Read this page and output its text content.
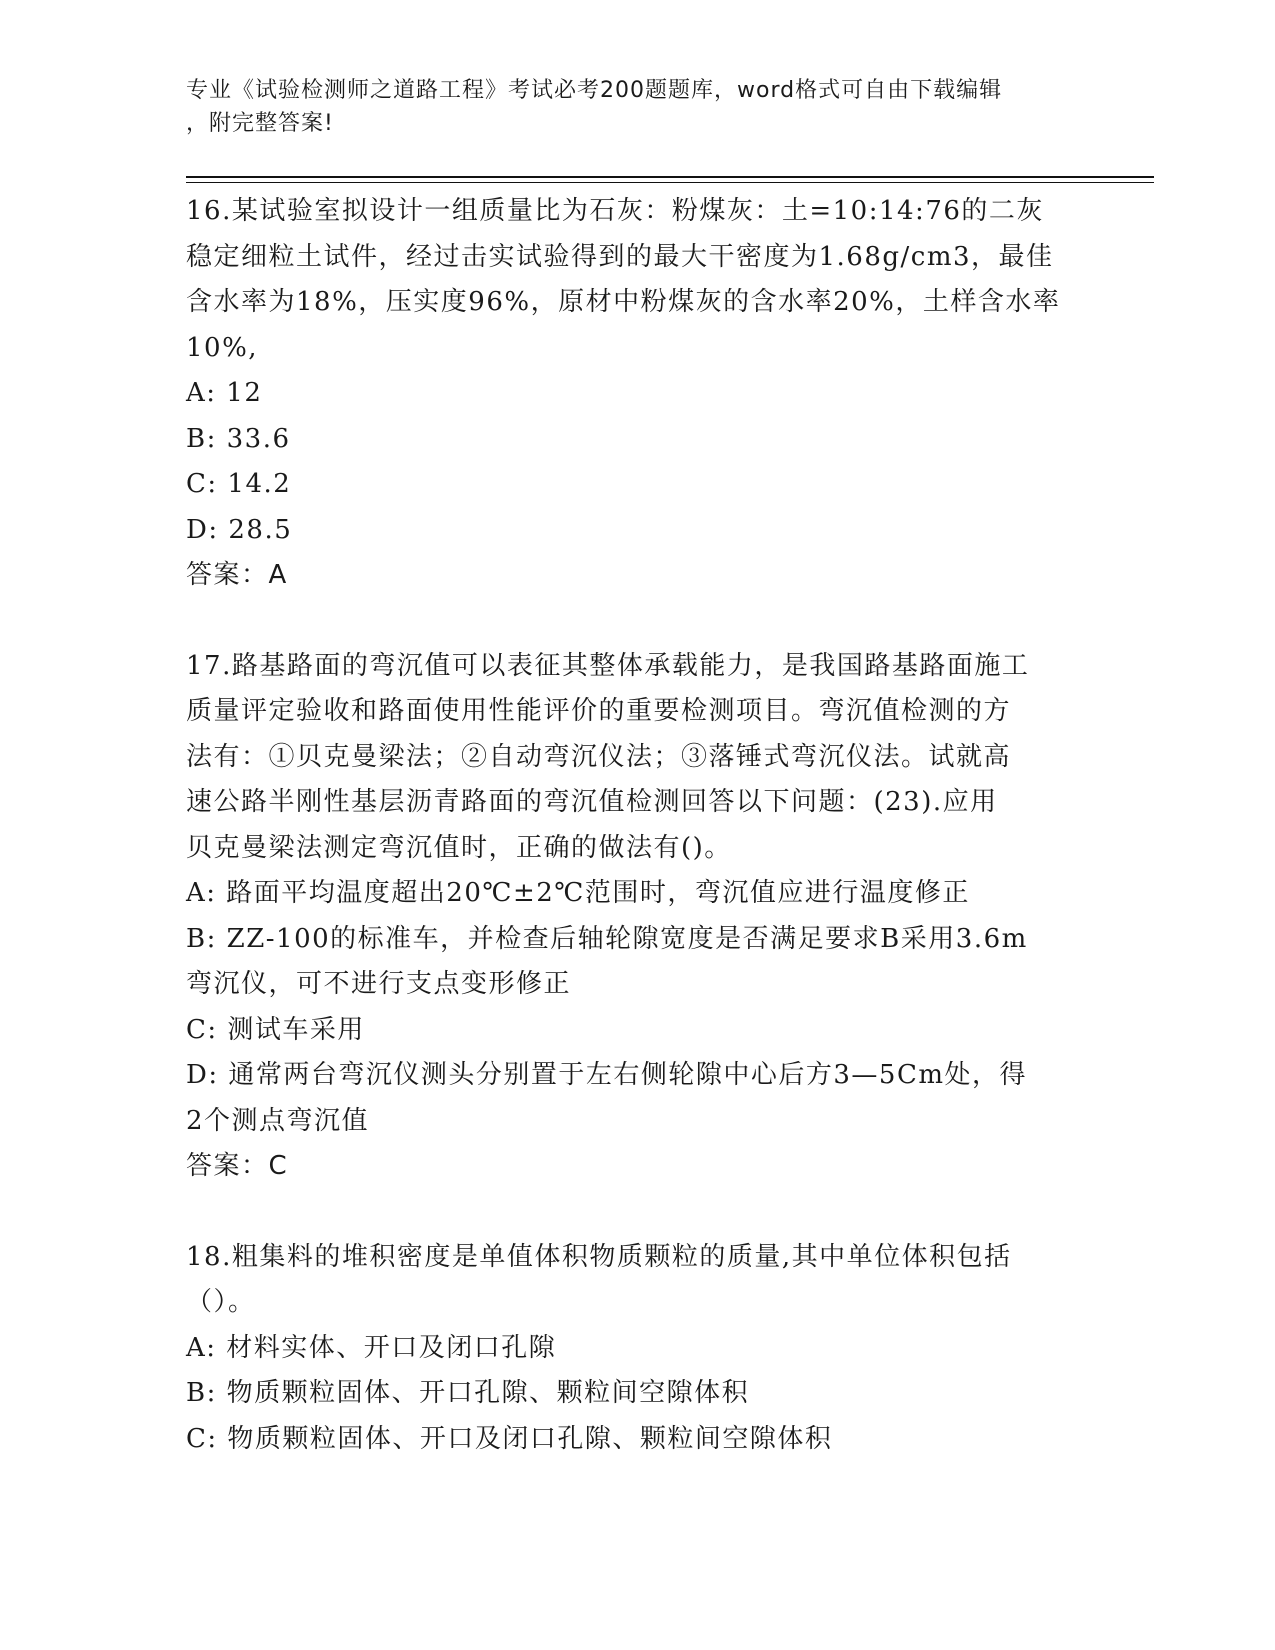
专业《试验检测师之道路工程》考试必考200题题库，word格式可自由下载编辑
，附完整答案!
16.某试验室拟设计一组质量比为石灰：粉煤灰：土=10:14:76的二灰
稳定细粒土试件，经过击实试验得到的最大干密度为1.68g/cm3，最佳
含水率为18%，压实度96%，原材中粉煤灰的含水率20%，土样含水率
10%,
A: 12
B: 33.6
C: 14.2
D: 28.5
答案：A
17.路基路面的弯沉值可以表征其整体承载能力，是我国路基路面施工
质量评定验收和路面使用性能评价的重要检测项目。弯沉值检测的方
法有：①贝克曼梁法；②自动弯沉仪法；③落锤式弯沉仪法。试就高
速公路半刚性基层沥青路面的弯沉值检测回答以下问题：(23).应用
贝克曼梁法测定弯沉值时，正确的做法有()。
A: 路面平均温度超出20℃±2℃范围时，弯沉值应进行温度修正
B: ZZ-100的标准车，并检查后轴轮隙宽度是否满足要求B采用3.6m
弯沉仪，可不进行支点变形修正
C: 测试车采用
D: 通常两台弯沉仪测头分别置于左右侧轮隙中心后方3—5Cm处，得
2个测点弯沉值
答案：C
18.粗集料的堆积密度是单值体积物质颗粒的质量,其中单位体积包括
（）。
A: 材料实体、开口及闭口孔隙
B: 物质颗粒固体、开口孔隙、颗粒间空隙体积
C: 物质颗粒固体、开口及闭口孔隙、颗粒间空隙体积
